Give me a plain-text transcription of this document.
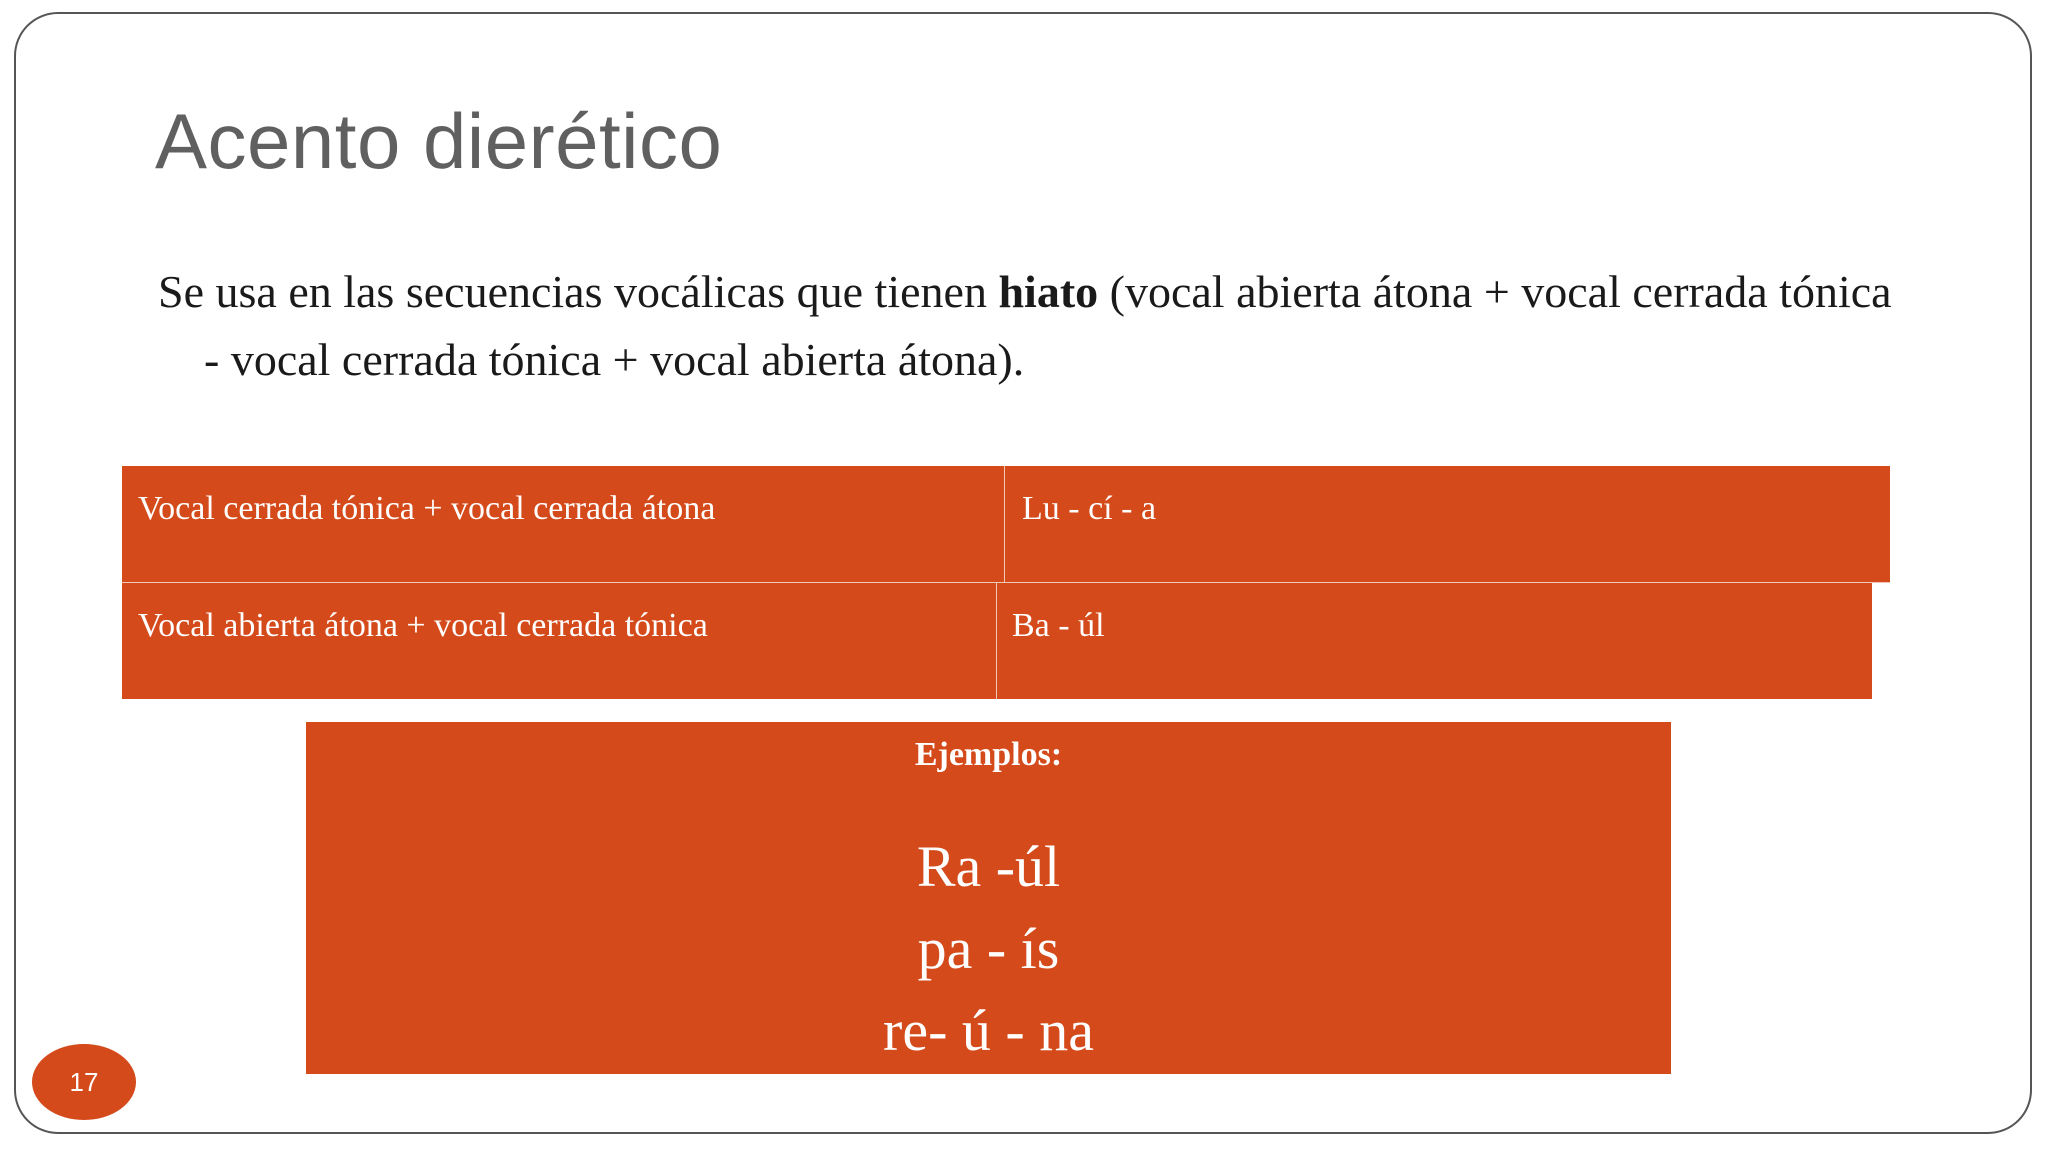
Acento dierético

Se usa en las secuencias vocálicas que tienen hiato (vocal abierta átona + vocal cerrada tónica - vocal cerrada tónica + vocal abierta átona).

Vocal cerrada tónica + vocal cerrada átona	Lu - cí - a
Vocal abierta átona + vocal cerrada tónica	Ba - úl
Ejemplos:
Ra -úl
pa - ís
re- ú - na
17
